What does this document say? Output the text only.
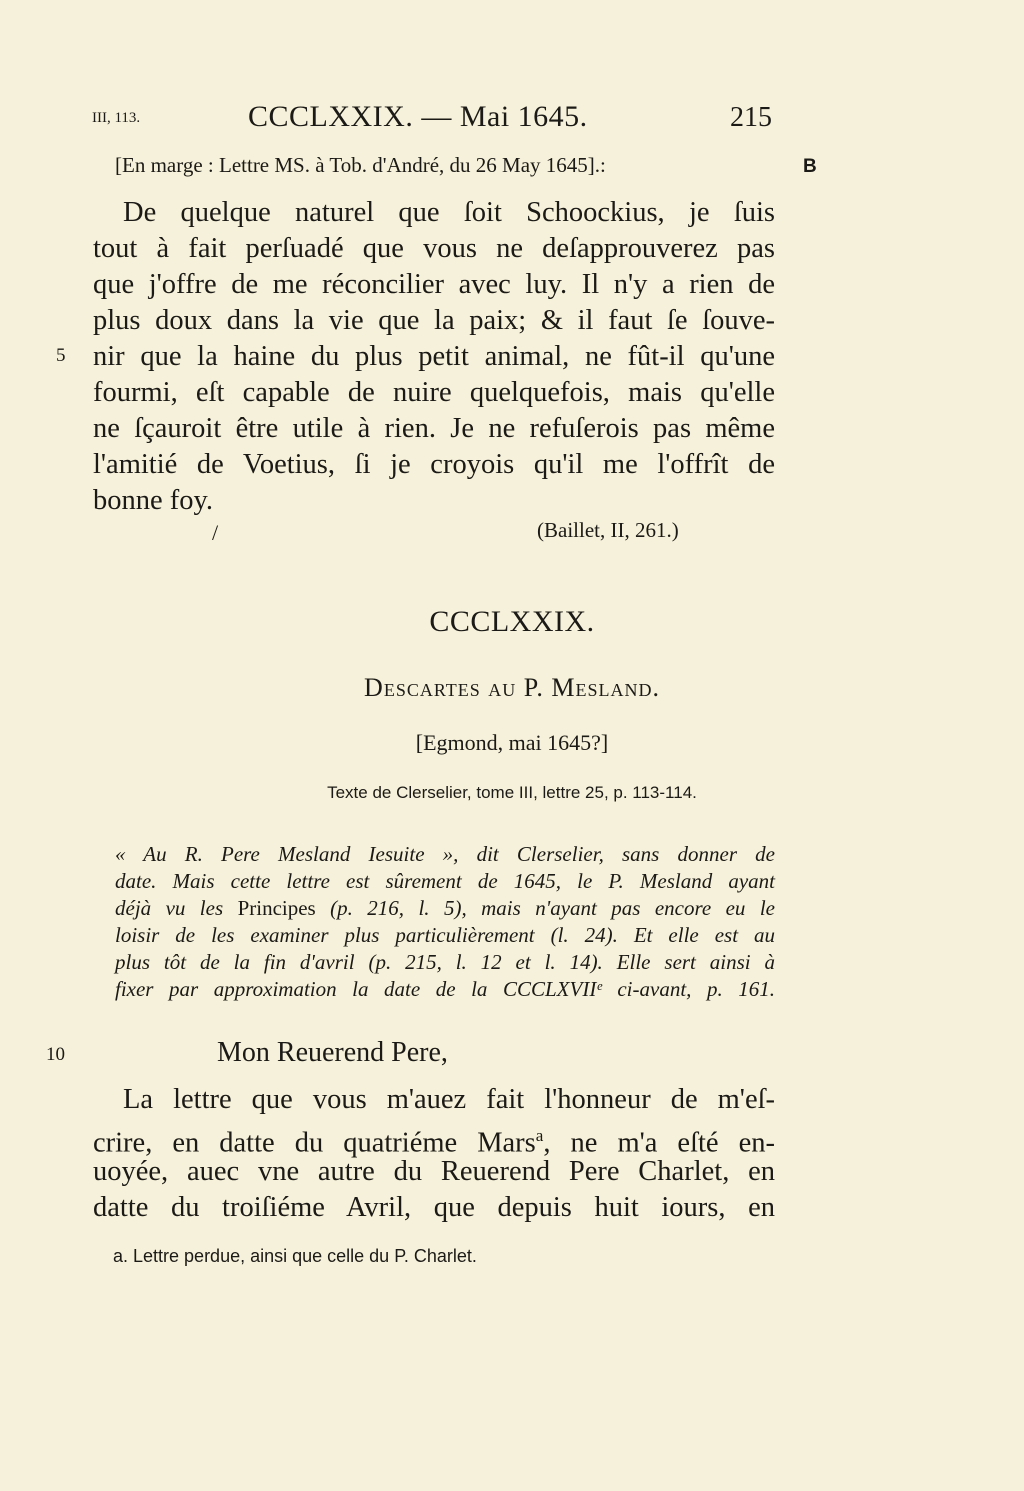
III, 113.	CCCLXXIX. — Mai 1645.	215
[En marge : Lettre MS. à Tob. d'André, du 26 May 1645].:	B
De quelque naturel que ſoit Schoockius, je ſuis
tout à fait perſuadé que vous ne deſapprouverez pas
que j'offre de me réconcilier avec luy. Il n'y a rien de
plus doux dans la vie que la paix; & il faut ſe ſouve-
nir que la haine du plus petit animal, ne fût-il qu'une
fourmi, eſt capable de nuire quelquefois, mais qu'elle
ne ſçauroit être utile à rien. Je ne refuſerois pas même
l'amitié de Voetius, ſi je croyois qu'il me l'offrît de
bonne foy.
5
/	(Baillet, II, 261.)
CCCLXXIX.
Descartes au P. Mesland.
[Egmond, mai 1645?]
Texte de Clerselier, tome III, lettre 25, p. 113-114.
« Au R. Pere Mesland Iesuite », dit Clerselier, sans donner de
date. Mais cette lettre est sûrement de 1645, le P. Mesland ayant
déjà vu les Principes (p. 216, l. 5), mais n'ayant pas encore eu le
loisir de les examiner plus particulièrement (l. 24). Et elle est au
plus tôt de la fin d'avril (p. 215, l. 12 et l. 14). Elle sert ainsi à
fixer par approximation la date de la CCCLXVIIᵉ ci-avant, p. 161.
10	Mon Reuerend Pere,
La lettre que vous m'auez fait l'honneur de m'eſ-
crire, en datte du quatriéme Mars$^a$, ne m'a eſté en-
uoyée, auec vne autre du Reuerend Pere Charlet, en
datte du troiſiéme Avril, que depuis huit iours, en
a. Lettre perdue, ainsi que celle du P. Charlet.
